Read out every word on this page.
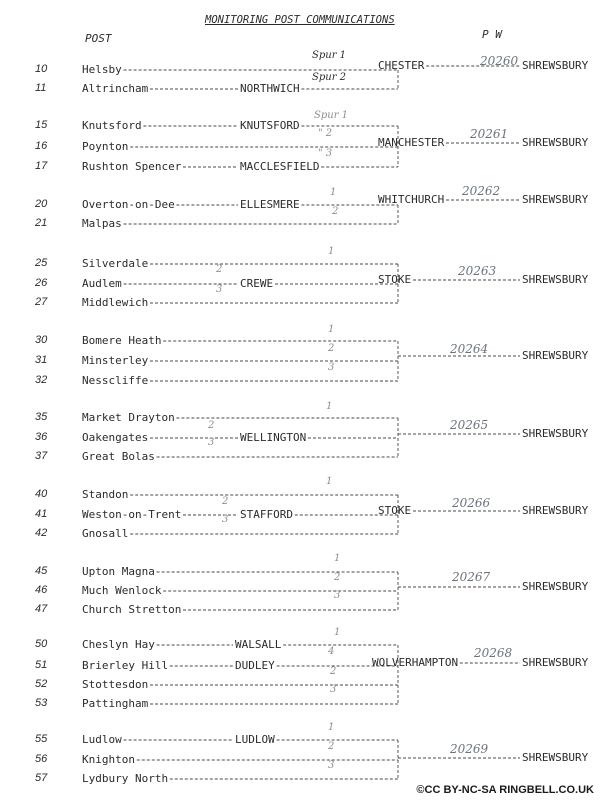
MONITORING POST COMMUNICATIONS
POST	P W
10	Helsby
Spur 1
11	Altrincham	NORTHWICH
Spur 2
CHESTER	SHREWSBURY
20260
15	Knutsford	KNUTSFORD
Spur 1
16	Poynton
" 2
17	Rushton Spencer	MACCLESFIELD
" 3
MANCHESTER	SHREWSBURY
20261
20	Overton-on-Dee	ELLESMERE
1
21	Malpas
2
WHITCHURCH	SHREWSBURY
20262
25	Silverdale
1
26	Audlem	CREWE
2
27	Middlewich
3
STOKE	SHREWSBURY
20263
30	Bomere Heath
1
31	Minsterley
2
32	Nesscliffe
3
SHREWSBURY
20264
35	Market Drayton
1
36	Oakengates	WELLINGTON
2
37	Great Bolas
3
SHREWSBURY
20265
40	Standon
1
41	Weston-on-Trent	STAFFORD
2
42	Gnosall
3
STOKE	SHREWSBURY
20266
45	Upton Magna
1
46	Much Wenlock
2
47	Church Stretton
3
SHREWSBURY
20267
50	Cheslyn Hay	WALSALL
1
51	Brierley Hill	DUDLEY
4
52	Stottesdon
2
53	Pattingham
3
WOLVERHAMPTON	SHREWSBURY
20268
55	Ludlow	LUDLOW
1
56	Knighton
2
57	Lydbury North
3
SHREWSBURY
20269
©CC BY-NC-SA RINGBELL.CO.UK
